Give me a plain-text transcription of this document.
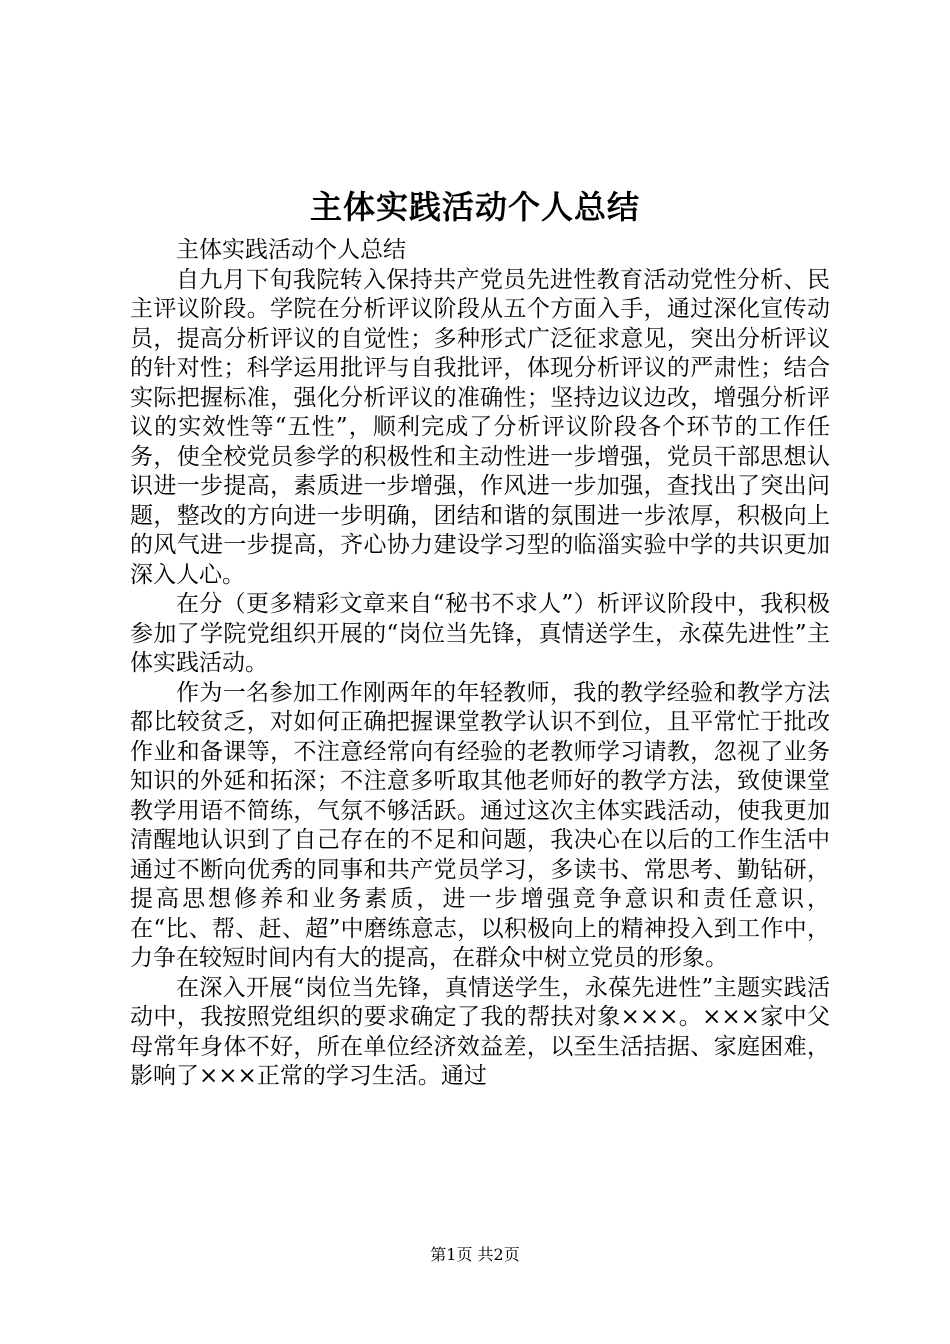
主体实践活动个人总结

主体实践活动个人总结

自九月下旬我院转入保持共产党员先进性教育活动党性分析、民主评议阶段。学院在分析评议阶段从五个方面入手，通过深化宣传动员，提高分析评议的自觉性；多种形式广泛征求意见，突出分析评议的针对性；科学运用批评与自我批评，体现分析评议的严肃性；结合实际把握标准，强化分析评议的准确性；坚持边议边改，增强分析评议的实效性等“五性”，顺利完成了分析评议阶段各个环节的工作任务，使全校党员参学的积极性和主动性进一步增强，党员干部思想认识进一步提高，素质进一步增强，作风进一步加强，查找出了突出问题，整改的方向进一步明确，团结和谐的氛围进一步浓厚，积极向上的风气进一步提高，齐心协力建设学习型的临淄实验中学的共识更加深入人心。

在分（更多精彩文章来自“秘书不求人”）析评议阶段中，我积极参加了学院党组织开展的“岗位当先锋，真情送学生，永葆先进性”主体实践活动。

作为一名参加工作刚两年的年轻教师，我的教学经验和教学方法都比较贫乏，对如何正确把握课堂教学认识不到位，且平常忙于批改作业和备课等，不注意经常向有经验的老教师学习请教，忽视了业务知识的外延和拓深；不注意多听取其他老师好的教学方法，致使课堂教学用语不简练，气氛不够活跃。通过这次主体实践活动，使我更加清醒地认识到了自己存在的不足和问题，我决心在以后的工作生活中通过不断向优秀的同事和共产党员学习，多读书、常思考、勤钻研，提高思想修养和业务素质，进一步增强竞争意识和责任意识，在“比、帮、赶、超”中磨练意志，以积极向上的精神投入到工作中，力争在较短时间内有大的提高，在群众中树立党员的形象。

在深入开展“岗位当先锋，真情送学生，永葆先进性”主题实践活动中，我按照党组织的要求确定了我的帮扶对象×××。×××家中父母常年身体不好，所在单位经济效益差，以至生活拮据、家庭困难，影响了×××正常的学习生活。通过

第1页 共2页
